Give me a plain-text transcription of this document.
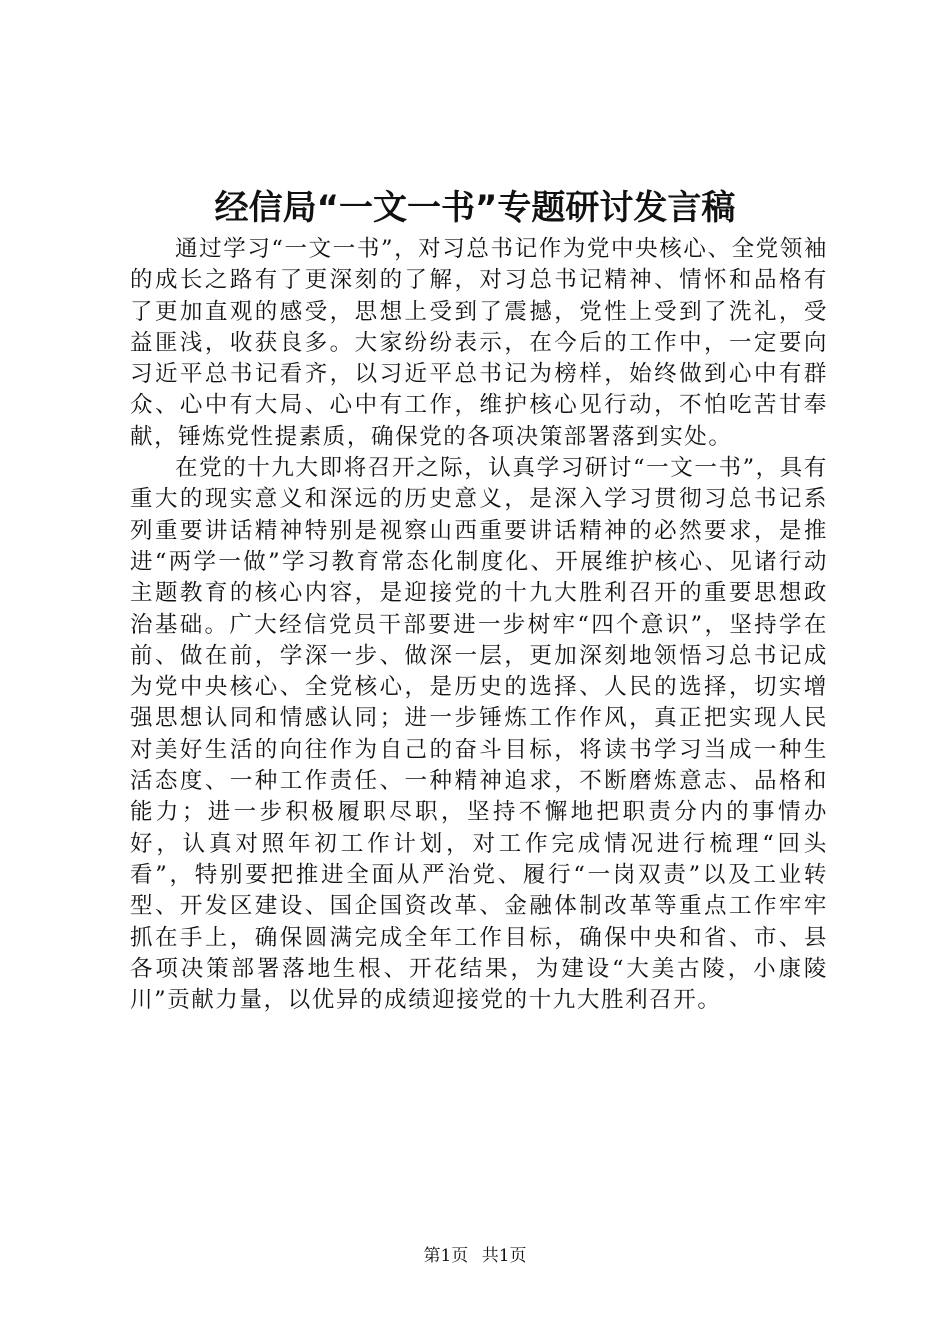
经信局“一文一书”专题研讨发言稿

通过学习“一文一书”，对习总书记作为党中央核心、全党领袖的成长之路有了更深刻的了解，对习总书记精神、情怀和品格有了更加直观的感受，思想上受到了震撼，党性上受到了洗礼，受益匪浅，收获良多。大家纷纷表示，在今后的工作中，一定要向习近平总书记看齐，以习近平总书记为榜样，始终做到心中有群众、心中有大局、心中有工作，维护核心见行动，不怕吃苦甘奉献，锤炼党性提素质，确保党的各项决策部署落到实处。

在党的十九大即将召开之际，认真学习研讨“一文一书”，具有重大的现实意义和深远的历史意义，是深入学习贯彻习总书记系列重要讲话精神特别是视察山西重要讲话精神的必然要求，是推进“两学一做”学习教育常态化制度化、开展维护核心、见诸行动主题教育的核心内容，是迎接党的十九大胜利召开的重要思想政治基础。广大经信党员干部要进一步树牢“四个意识”，坚持学在前、做在前，学深一步、做深一层，更加深刻地领悟习总书记成为党中央核心、全党核心，是历史的选择、人民的选择，切实增强思想认同和情感认同；进一步锤炼工作作风，真正把实现人民对美好生活的向往作为自己的奋斗目标，将读书学习当成一种生活态度、一种工作责任、一种精神追求，不断磨炼意志、品格和能力；进一步积极履职尽职，坚持不懈地把职责分内的事情办好，认真对照年初工作计划，对工作完成情况进行梳理“回头看”，特别要把推进全面从严治党、履行“一岗双责”以及工业转型、开发区建设、国企国资改革、金融体制改革等重点工作牢牢抓在手上，确保圆满完成全年工作目标，确保中央和省、市、县各项决策部署落地生根、开花结果，为建设“大美古陵，小康陵川”贡献力量，以优异的成绩迎接党的十九大胜利召开。

第1页 共1页
